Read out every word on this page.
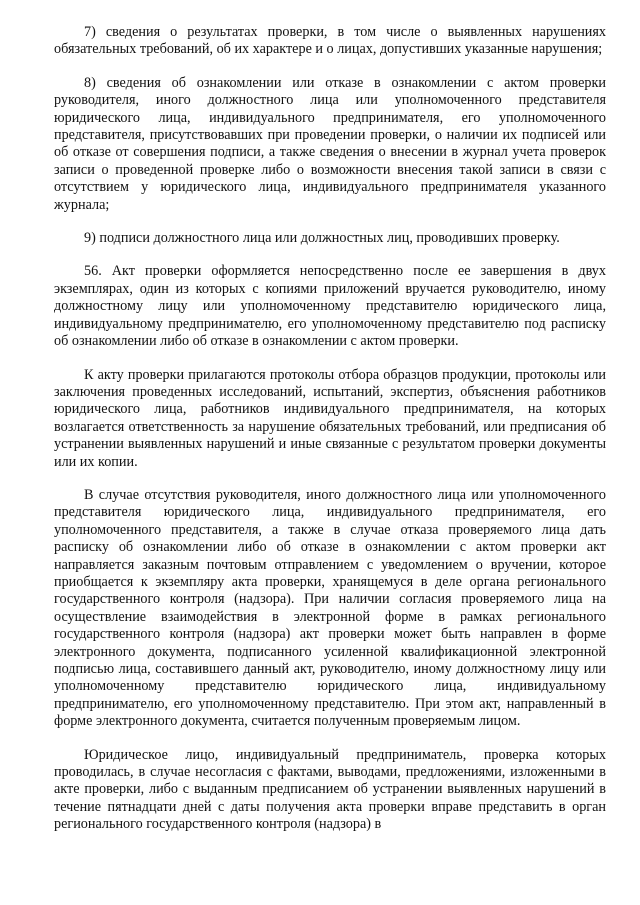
7) сведения о результатах проверки, в том числе о выявленных нарушениях обязательных требований, об их характере и о лицах, допустивших указанные нарушения;

8) сведения об ознакомлении или отказе в ознакомлении с актом проверки руководителя, иного должностного лица или уполномоченного представителя юридического лица, индивидуального предпринимателя, его уполномоченного представителя, присутствовавших при проведении проверки, о наличии их подписей или об отказе от совершения подписи, а также сведения о внесении в журнал учета проверок записи о проведенной проверке либо о возможности внесения такой записи в связи с отсутствием у юридического лица, индивидуального предпринимателя указанного журнала;

9) подписи должностного лица или должностных лиц, проводивших проверку.

56. Акт проверки оформляется непосредственно после ее завершения в двух экземплярах, один из которых с копиями приложений вручается руководителю, иному должностному лицу или уполномоченному представителю юридического лица, индивидуальному предпринимателю, его уполномоченному представителю под расписку об ознакомлении либо об отказе в ознакомлении с актом проверки.

К акту проверки прилагаются протоколы отбора образцов продукции, протоколы или заключения проведенных исследований, испытаний, экспертиз, объяснения работников юридического лица, работников индивидуального предпринимателя, на которых возлагается ответственность за нарушение обязательных требований, или предписания об устранении выявленных нарушений и иные связанные с результатом проверки документы или их копии.

В случае отсутствия руководителя, иного должностного лица или уполномоченного представителя юридического лица, индивидуального предпринимателя, его уполномоченного представителя, а также в случае отказа проверяемого лица дать расписку об ознакомлении либо об отказе в ознакомлении с актом проверки акт направляется заказным почтовым отправлением с уведомлением о вручении, которое приобщается к экземпляру акта проверки, хранящемуся в деле органа регионального государственного контроля (надзора). При наличии согласия проверяемого лица на осуществление взаимодействия в электронной форме в рамках регионального государственного контроля (надзора) акт проверки может быть направлен в форме электронного документа, подписанного усиленной квалификационной электронной подписью лица, составившего данный акт, руководителю, иному должностному лицу или уполномоченному представителю юридического лица, индивидуальному предпринимателю, его уполномоченному представителю. При этом акт, направленный в форме электронного документа, считается полученным проверяемым лицом.

Юридическое лицо, индивидуальный предприниматель, проверка которых проводилась, в случае несогласия с фактами, выводами, предложениями, изложенными в акте проверки, либо с выданным предписанием об устранении выявленных нарушений в течение пятнадцати дней с даты получения акта проверки вправе представить в орган регионального государственного контроля (надзора) в
